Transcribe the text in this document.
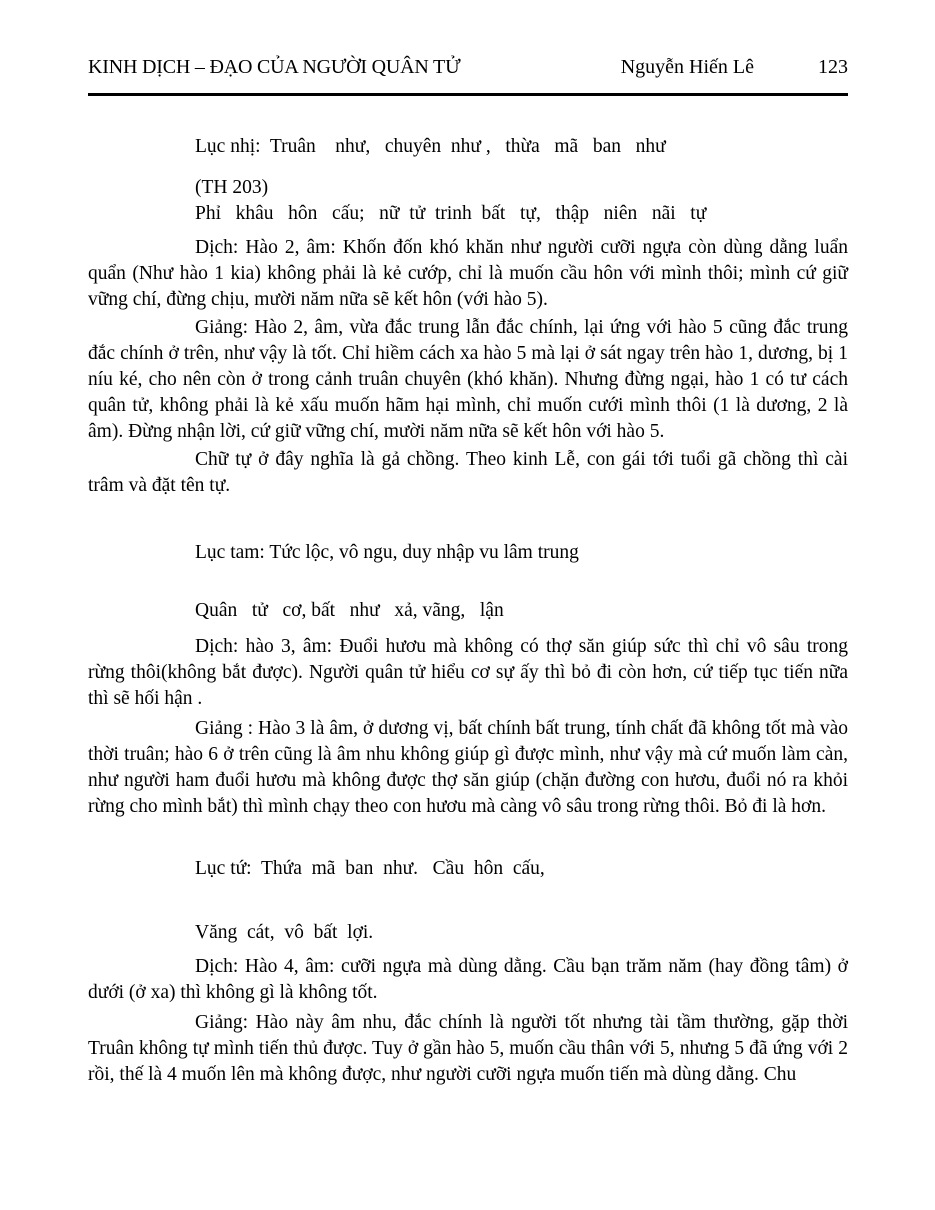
KINH DỊCH – ĐẠO CỦA NGƯỜI QUÂN TỬ	Nguyễn Hiến Lê	123
Lục nhị:  Truân    như,   chuyên  như ,   thừa   mã   ban   như
(TH 203)
Phỉ   khâu   hôn   cấu;   nữ  tử  trinh  bất   tự,   thập   niên   nãi   tự

Dịch: Hào 2, âm: Khốn đốn khó khăn như người cưỡi ngựa còn dùng dằng luẩn quẩn (Như hào 1 kia) không phải là kẻ cướp, chỉ là muốn cầu hôn với mình thôi; mình cứ giữ vững chí, đừng chịu, mười năm nữa sẽ kết hôn (với hào 5).

Giảng: Hào 2, âm, vừa đắc trung lẫn đắc chính, lại ứng với hào 5 cũng đắc trung đắc chính ở trên, như vậy là tốt. Chỉ hiềm cách xa hào 5 mà lại ở sát ngay trên hào 1, dương, bị 1 níu ké, cho nên còn ở trong cảnh truân chuyên (khó khăn). Nhưng đừng ngại, hào 1 có tư cách quân tử, không phải là kẻ xấu muốn hãm hại mình, chỉ muốn cưới mình thôi (1 là dương, 2 là âm). Đừng nhận lời, cứ giữ vững chí, mười năm nữa sẽ kết hôn với hào 5.

Chữ tự ở đây nghĩa là gả chồng. Theo kinh Lễ, con gái tới tuổi gã chồng thì cài trâm và đặt tên tự.

Lục tam: Tức lộc, vô ngu, duy nhập vu lâm trung
Quân   tử   cơ, bất   như   xả, vãng,   lận

Dịch: hào 3, âm: Đuổi hươu mà không có thợ săn giúp sức thì chỉ vô sâu trong rừng thôi(không bắt được). Người quân tử hiểu cơ sự ấy thì bỏ đi còn hơn, cứ tiếp tục tiến nữa thì sẽ hối hận .

Giảng : Hào 3 là âm, ở dương vị, bất chính bất trung, tính chất đã không tốt mà vào thời truân; hào 6 ở trên cũng là âm nhu không giúp gì được mình, như vậy mà cứ muốn làm càn, như người ham đuổi hươu mà không được thợ săn giúp (chặn đường con hươu, đuổi nó ra khỏi rừng cho mình bắt) thì mình chạy theo con hươu mà càng vô sâu trong rừng thôi. Bỏ đi là hơn.

Lục tứ:  Thứa  mã  ban  như.   Cầu  hôn  cấu,
Văng  cát,  vô  bất  lợi.

Dịch: Hào 4, âm: cưỡi ngựa mà dùng dằng. Cầu bạn trăm năm (hay đồng tâm) ở dưới (ở xa) thì không gì là không tốt.

Giảng: Hào này âm nhu, đắc chính là người tốt nhưng tài tầm thường, gặp thời Truân không tự mình tiến thủ được. Tuy ở gần hào 5, muốn cầu thân với 5, nhưng 5 đã ứng với 2 rồi, thế là 4 muốn lên mà không được, như người cưỡi ngựa muốn tiến mà dùng dằng. Chu
